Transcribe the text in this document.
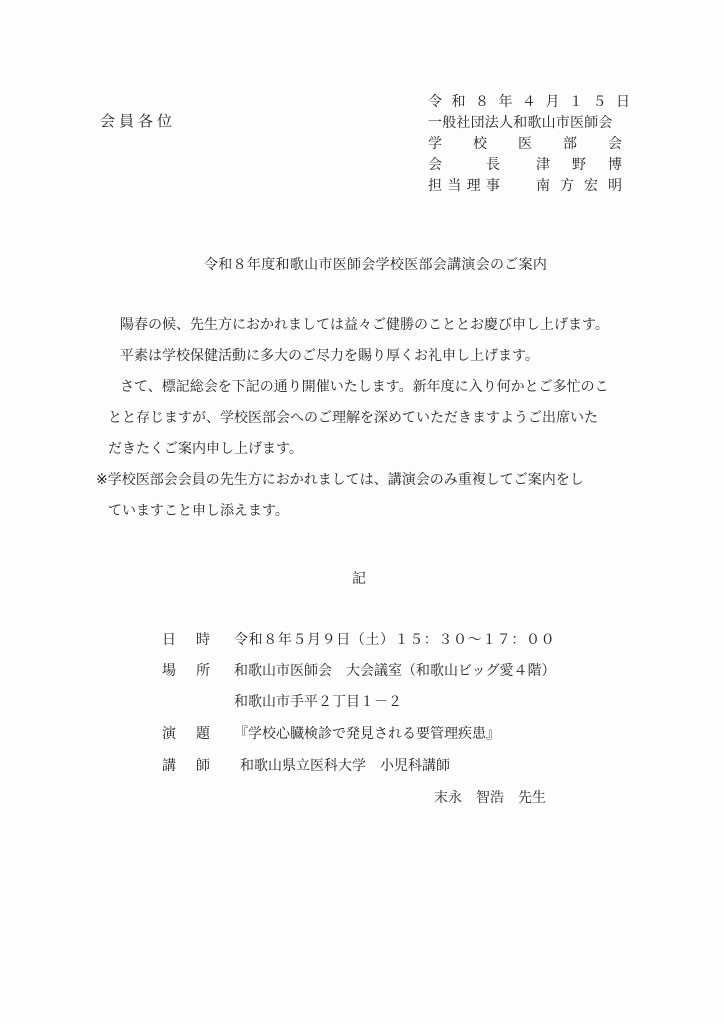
会員各位
令和８年４月１５日
一般社団法人和歌山市医師会
学 校 医 部 会
会	長	津 野 博
担 当 理 事	南 方 宏 明
令和８年度和歌山市医師会学校医部会講演会のご案内
陽春の候、先生方におかれましては益々ご健勝のこととお慶び申し上げます。
平素は学校保健活動に多大のご尽力を賜り厚くお礼申し上げます。
さて、標記総会を下記の通り開催いたします。新年度に入り何かとご多忙のこ
とと存じますが、学校医部会へのご理解を深めていただきますようご出席いた
だきたくご案内申し上げます。
※学校医部会会員の先生方におかれましては、講演会のみ重複してご案内をし
ていますこと申し添えます。
記
日 時 令和８年５月９日（土）１５：３０～１７：００
場 所 和歌山市医師会　大会議室（和歌山ビッグ愛４階）
和歌山市手平２丁目１－２
演 題 『学校心臓検診で発見される要管理疾患』
講 師 和歌山県立医科大学　小児科講師
末永　智浩　先生
